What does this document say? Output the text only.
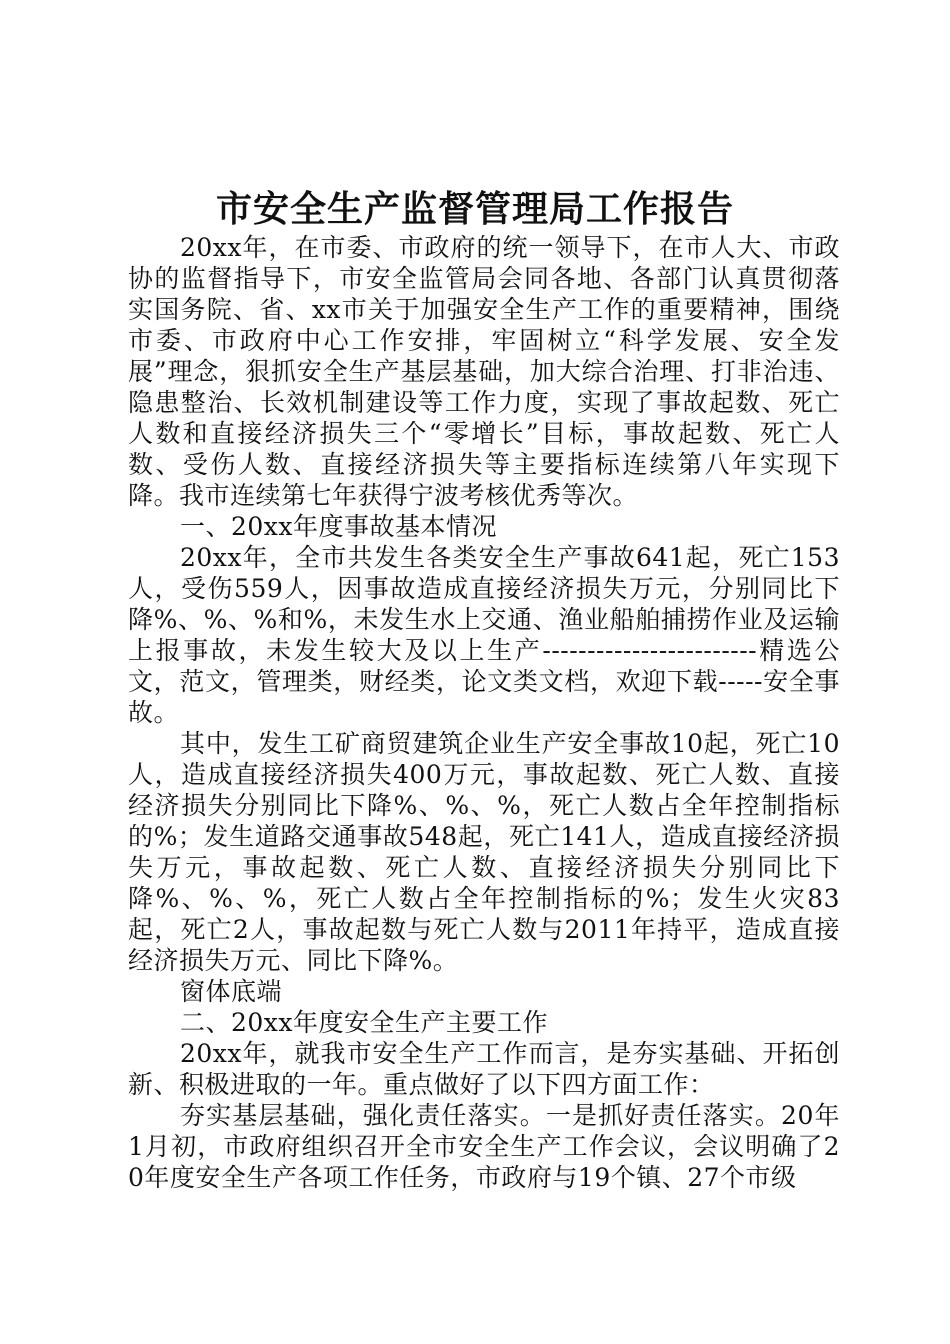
市安全生产监督管理局工作报告

20xx年，在市委、市政府的统一领导下，在市人大、市政协的监督指导下，市安全监管局会同各地、各部门认真贯彻落实国务院、省、xx市关于加强安全生产工作的重要精神，围绕市委、市政府中心工作安排，牢固树立“科学发展、安全发展”理念，狠抓安全生产基层基础，加大综合治理、打非治违、隐患整治、长效机制建设等工作力度，实现了事故起数、死亡人数和直接经济损失三个“零增长”目标，事故起数、死亡人数、受伤人数、直接经济损失等主要指标连续第八年实现下降。我市连续第七年获得宁波考核优秀等次。

一、20xx年度事故基本情况

20xx年，全市共发生各类安全生产事故641起，死亡153人，受伤559人，因事故造成直接经济损失万元，分别同比下降%、%、%和%，未发生水上交通、渔业船舶捕捞作业及运输上报事故，未发生较大及以上生产------------------------精选公文，范文，管理类，财经类，论文类文档，欢迎下载-----安全事故。

其中，发生工矿商贸建筑企业生产安全事故10起，死亡10人，造成直接经济损失400万元，事故起数、死亡人数、直接经济损失分别同比下降%、%、%，死亡人数占全年控制指标的%；发生道路交通事故548起，死亡141人，造成直接经济损失万元，事故起数、死亡人数、直接经济损失分别同比下降%、%、%，死亡人数占全年控制指标的%；发生火灾83起，死亡2人，事故起数与死亡人数与2011年持平，造成直接经济损失万元、同比下降%。

窗体底端

二、20xx年度安全生产主要工作

20xx年，就我市安全生产工作而言，是夯实基础、开拓创新、积极进取的一年。重点做好了以下四方面工作：

夯实基层基础，强化责任落实。一是抓好责任落实。20年1月初，市政府组织召开全市安全生产工作会议，会议明确了20年度安全生产各项工作任务，市政府与19个镇、27个市级
